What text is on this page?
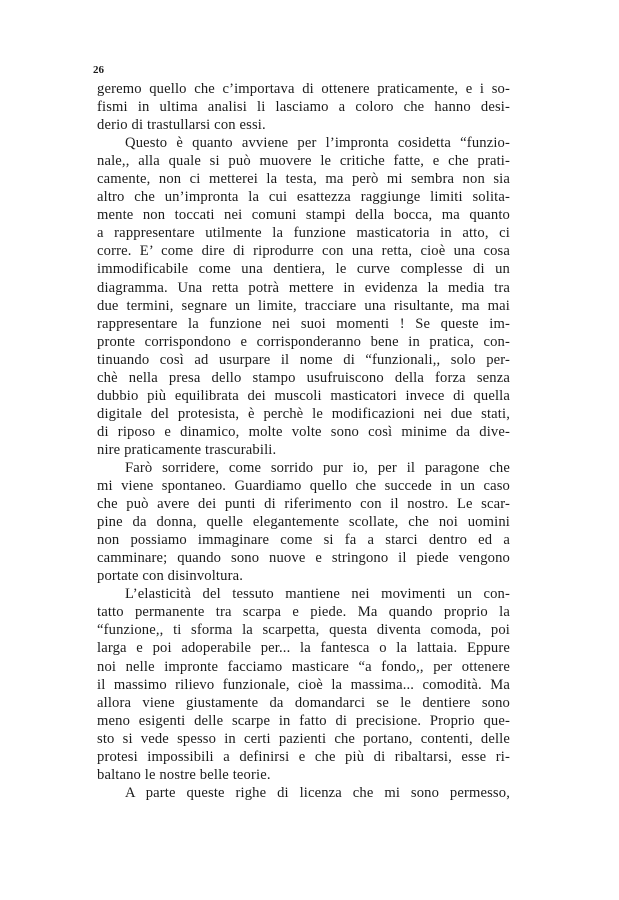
26
geremo quello che c’importava di ottenere praticamente, e i so-
fismi in ultima analisi li lasciamo a coloro che hanno desi-
derio di trastullarsi con essi.
Questo è quanto avviene per l’impronta cosidetta “funzio-
nale,, alla quale si può muovere le critiche fatte, e che prati-
camente, non ci metterei la testa, ma però mi sembra non sia
altro che un’impronta la cui esattezza raggiunge limiti solita-
mente non toccati nei comuni stampi della bocca, ma quanto
a rappresentare utilmente la funzione masticatoria in atto, ci
corre. E’ come dire di riprodurre con una retta, cioè una cosa
immodificabile come una dentiera, le curve complesse di un
diagramma. Una retta potrà mettere in evidenza la media tra
due termini, segnare un limite, tracciare una risultante, ma mai
rappresentare la funzione nei suoi momenti ! Se queste im-
pronte corrispondono e corrisponderanno bene in pratica, con-
tinuando così ad usurpare il nome di “funzionali,, solo per-
chè nella presa dello stampo usufruiscono della forza senza
dubbio più equilibrata dei muscoli masticatori invece di quella
digitale del protesista, è perchè le modificazioni nei due stati,
di riposo e dinamico, molte volte sono così minime da dive-
nire praticamente trascurabili.
Farò sorridere, come sorrido pur io, per il paragone che
mi viene spontaneo. Guardiamo quello che succede in un caso
che può avere dei punti di riferimento con il nostro. Le scar-
pine da donna, quelle elegantemente scollate, che noi uomini
non possiamo immaginare come si fa a starci dentro ed a
camminare; quando sono nuove e stringono il piede vengono
portate con disinvoltura.
L’elasticità del tessuto mantiene nei movimenti un con-
tatto permanente tra scarpa e piede. Ma quando proprio la
“funzione,, ti sforma la scarpetta, questa diventa comoda, poi
larga e poi adoperabile per... la fantesca o la lattaia. Eppure
noi nelle impronte facciamo masticare “a fondo,, per ottenere
il massimo rilievo funzionale, cioè la massima... comodità. Ma
allora viene giustamente da domandarci se le dentiere sono
meno esigenti delle scarpe in fatto di precisione. Proprio que-
sto si vede spesso in certi pazienti che portano, contenti, delle
protesi impossibili a definirsi e che più di ribaltarsi, esse ri-
baltano le nostre belle teorie.
A parte queste righe di licenza che mi sono permesso,
